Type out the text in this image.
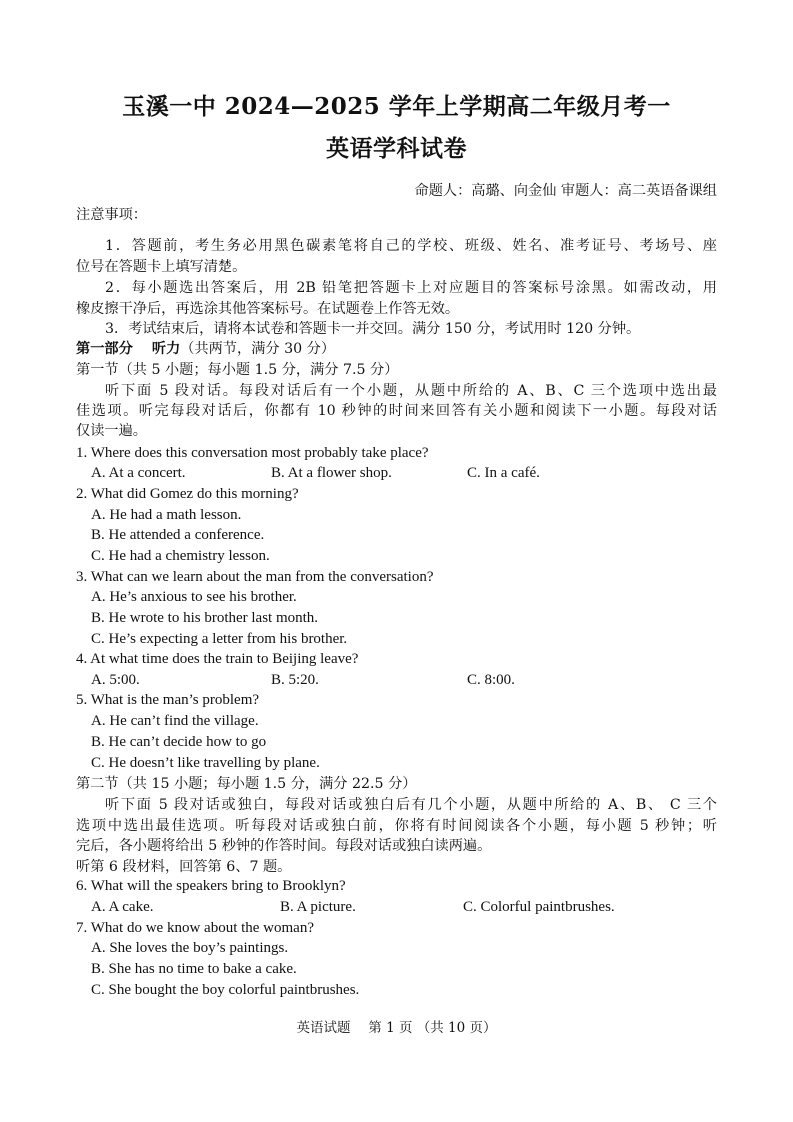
玉溪一中 2024—2025 学年上学期高二年级月考一
英语学科试卷
命题人：高璐、向金仙 审题人：高二英语备课组
注意事项：
1．答题前，考生务必用黑色碳素笔将自己的学校、班级、姓名、准考证号、考场号、座
位号在答题卡上填写清楚。
2．每小题选出答案后，用 2B 铅笔把答题卡上对应题目的答案标号涂黑。如需改动，用
橡皮擦干净后，再选涂其他答案标号。在试题卷上作答无效。
3．考试结束后，请将本试卷和答题卡一并交回。满分 150 分，考试用时 120 分钟。
第一部分　 听力（共两节，满分 30 分）
第一节（共 5 小题；每小题 1.5 分，满分 7.5 分）
听下面 5 段对话。每段对话后有一个小题，从题中所给的 A、B、C 三个选项中选出最
佳选项。听完每段对话后，你都有 10 秒钟的时间来回答有关小题和阅读下一小题。每段对话
仅读一遍。
1. Where does this conversation most probably take place?
A. At a concert.	B. At a flower shop.	C. In a café.
2. What did Gomez do this morning?
A. He had a math lesson.
B. He attended a conference.
C. He had a chemistry lesson.
3. What can we learn about the man from the conversation?
A. He’s anxious to see his brother.
B. He wrote to his brother last month.
C. He’s expecting a letter from his brother.
4. At what time does the train to Beijing leave?
A. 5:00.	B. 5:20.	C. 8:00.
5. What is the man’s problem?
A. He can’t find the village.
B. He can’t decide how to go
C. He doesn’t like travelling by plane.
第二节（共 15 小题；每小题 1.5 分，满分 22.5 分）
听下面 5 段对话或独白，每段对话或独白后有几个小题，从题中所给的 A、B、 C 三个
选项中选出最佳选项。听每段对话或独白前，你将有时间阅读各个小题，每小题 5 秒钟；听
完后，各小题将给出 5 秒钟的作答时间。每段对话或独白读两遍。
听第 6 段材料，回答第 6、7 题。
6. What will the speakers bring to Brooklyn?
A. A cake.	B. A picture.	C. Colorful paintbrushes.
7. What do we know about the woman?
A. She loves the boy’s paintings.
B. She has no time to bake a cake.
C. She bought the boy colorful paintbrushes.
英语试题　 第 1 页 （共 10 页）
